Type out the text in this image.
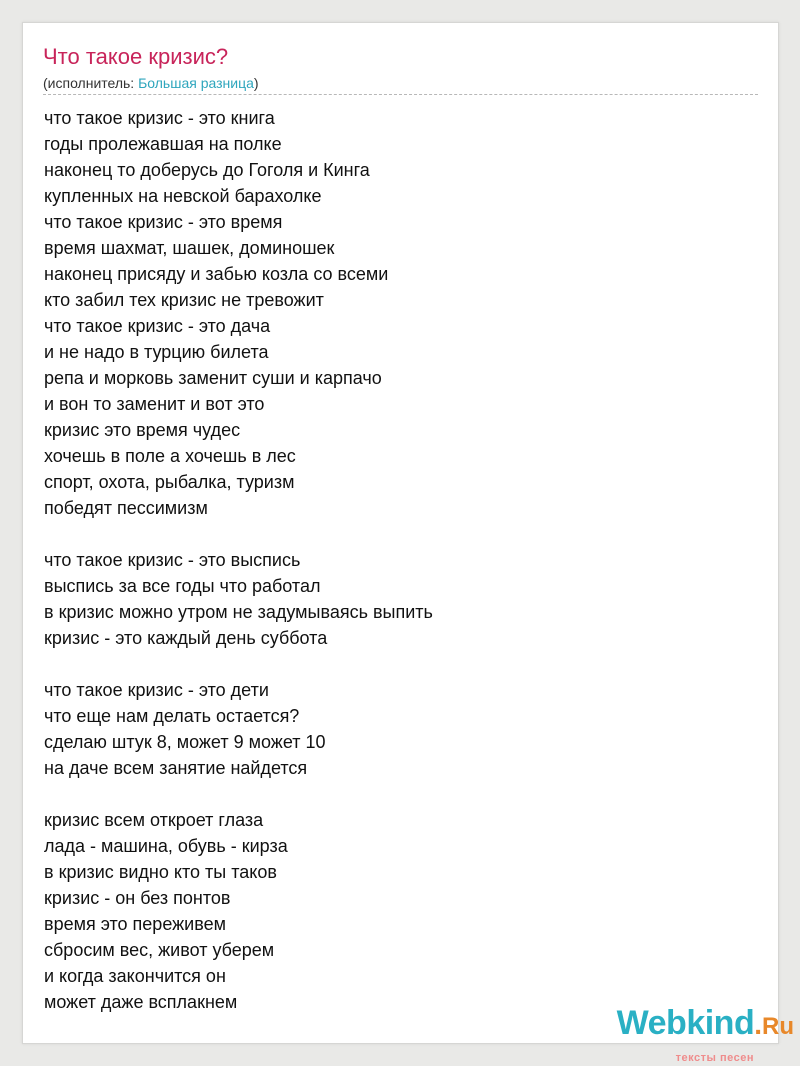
Что такое кризис?
(исполнитель: Большая разница)
что такое кризис - это книга
годы пролежавшая на полке
наконец то доберусь до Гоголя и Кинга
купленных на невской барахолке
что такое кризис - это время
время шахмат, шашек, доминошек
наконец присяду и забью козла со всеми
кто забил тех кризис не тревожит
что такое кризис - это дача
и не надо в турцию билета
репа и морковь заменит суши и карпачо
и вон то заменит и вот это
кризис это время чудес
хочешь в поле а хочешь в лес
спорт, охота, рыбалка, туризм
победят пессимизм
что такое кризис - это выспись
выспись за все годы что работал
в кризис можно утром не задумываясь выпить
кризис - это каждый день суббота
что такое кризис - это дети
что еще нам делать остается?
сделаю штук 8, может 9 может 10
на даче всем занятие найдется
кризис всем откроет глаза
лада - машина, обувь - кирза
в кризис видно кто ты таков
кризис - он без понтов
время это переживем
сбросим вес, живот уберем
и когда закончится он
может даже всплакнем
Webkind.Ru
тексты песен
